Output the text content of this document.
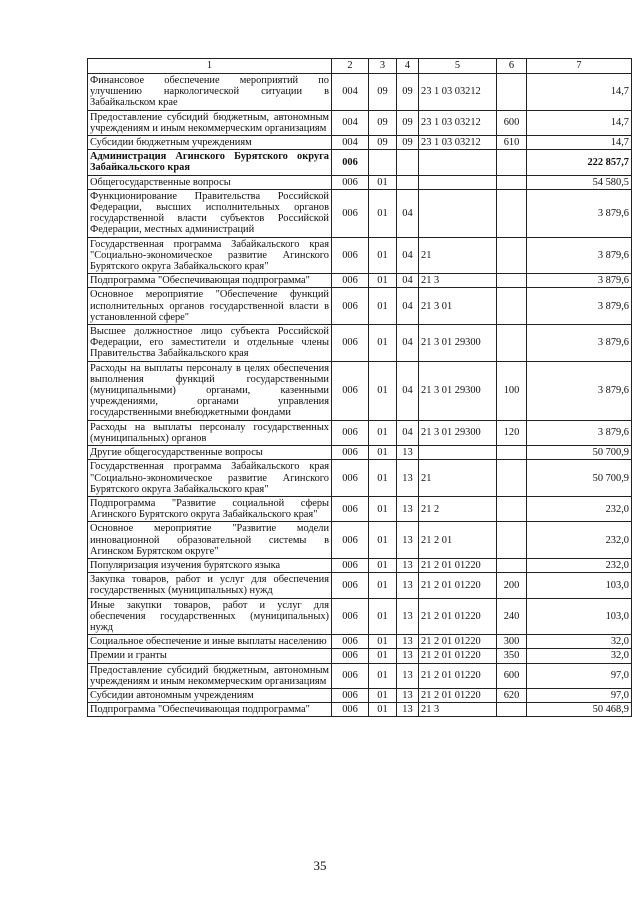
1	2	3	4	5	6	7
Финансовое обеспечение мероприятий по улучшению наркологической ситуации в Забайкальском крае	004	09	09	23 1 03 03212		14,7
Предоставление субсидий бюджетным, автономным учреждениям и иным некоммерческим организациям	004	09	09	23 1 03 03212	600	14,7
Субсидии бюджетным учреждениям	004	09	09	23 1 03 03212	610	14,7
Администрация Агинского Бурятского округа Забайкальского края	006					222 857,7
Общегосударственные вопросы	006	01				54 580,5
Функционирование Правительства Российской Федерации, высших исполнительных органов государственной власти субъектов Российской Федерации, местных администраций	006	01	04			3 879,6
Государственная программа Забайкальского края "Социально-экономическое развитие Агинского Бурятского округа Забайкальского края"	006	01	04	21		3 879,6
Подпрограмма "Обеспечивающая подпрограмма"	006	01	04	21 3		3 879,6
Основное мероприятие "Обеспечение функций исполнительных органов государственной власти в установленной сфере"	006	01	04	21 3 01		3 879,6
Высшее должностное лицо субъекта Российской Федерации, его заместители и отдельные члены Правительства Забайкальского края	006	01	04	21 3 01 29300		3 879,6
Расходы на выплаты персоналу в целях обеспечения выполнения функций государственными (муниципальными) органами, казенными учреждениями, органами управления государственными внебюджетными фондами	006	01	04	21 3 01 29300	100	3 879,6
Расходы на выплаты персоналу государственных (муниципальных) органов	006	01	04	21 3 01 29300	120	3 879,6
Другие общегосударственные вопросы	006	01	13			50 700,9
Государственная программа Забайкальского края "Социально-экономическое развитие Агинского Бурятского округа Забайкальского края"	006	01	13	21		50 700,9
Подпрограмма "Развитие социальной сферы Агинского Бурятского округа Забайкальского края"	006	01	13	21 2		232,0
Основное мероприятие "Развитие модели инновационной образовательной системы в Агинском Бурятском округе"	006	01	13	21 2 01		232,0
Популяризация изучения бурятского языка	006	01	13	21 2 01 01220		232,0
Закупка товаров, работ и услуг для обеспечения государственных (муниципальных) нужд	006	01	13	21 2 01 01220	200	103,0
Иные закупки товаров, работ и услуг для обеспечения государственных (муниципальных) нужд	006	01	13	21 2 01 01220	240	103,0
Социальное обеспечение и иные выплаты населению	006	01	13	21 2 01 01220	300	32,0
Премии и гранты	006	01	13	21 2 01 01220	350	32,0
Предоставление субсидий бюджетным, автономным учреждениям и иным некоммерческим организациям	006	01	13	21 2 01 01220	600	97,0
Субсидии автономным учреждениям	006	01	13	21 2 01 01220	620	97,0
Подпрограмма "Обеспечивающая подпрограмма"	006	01	13	21 3		50 468,9
35
